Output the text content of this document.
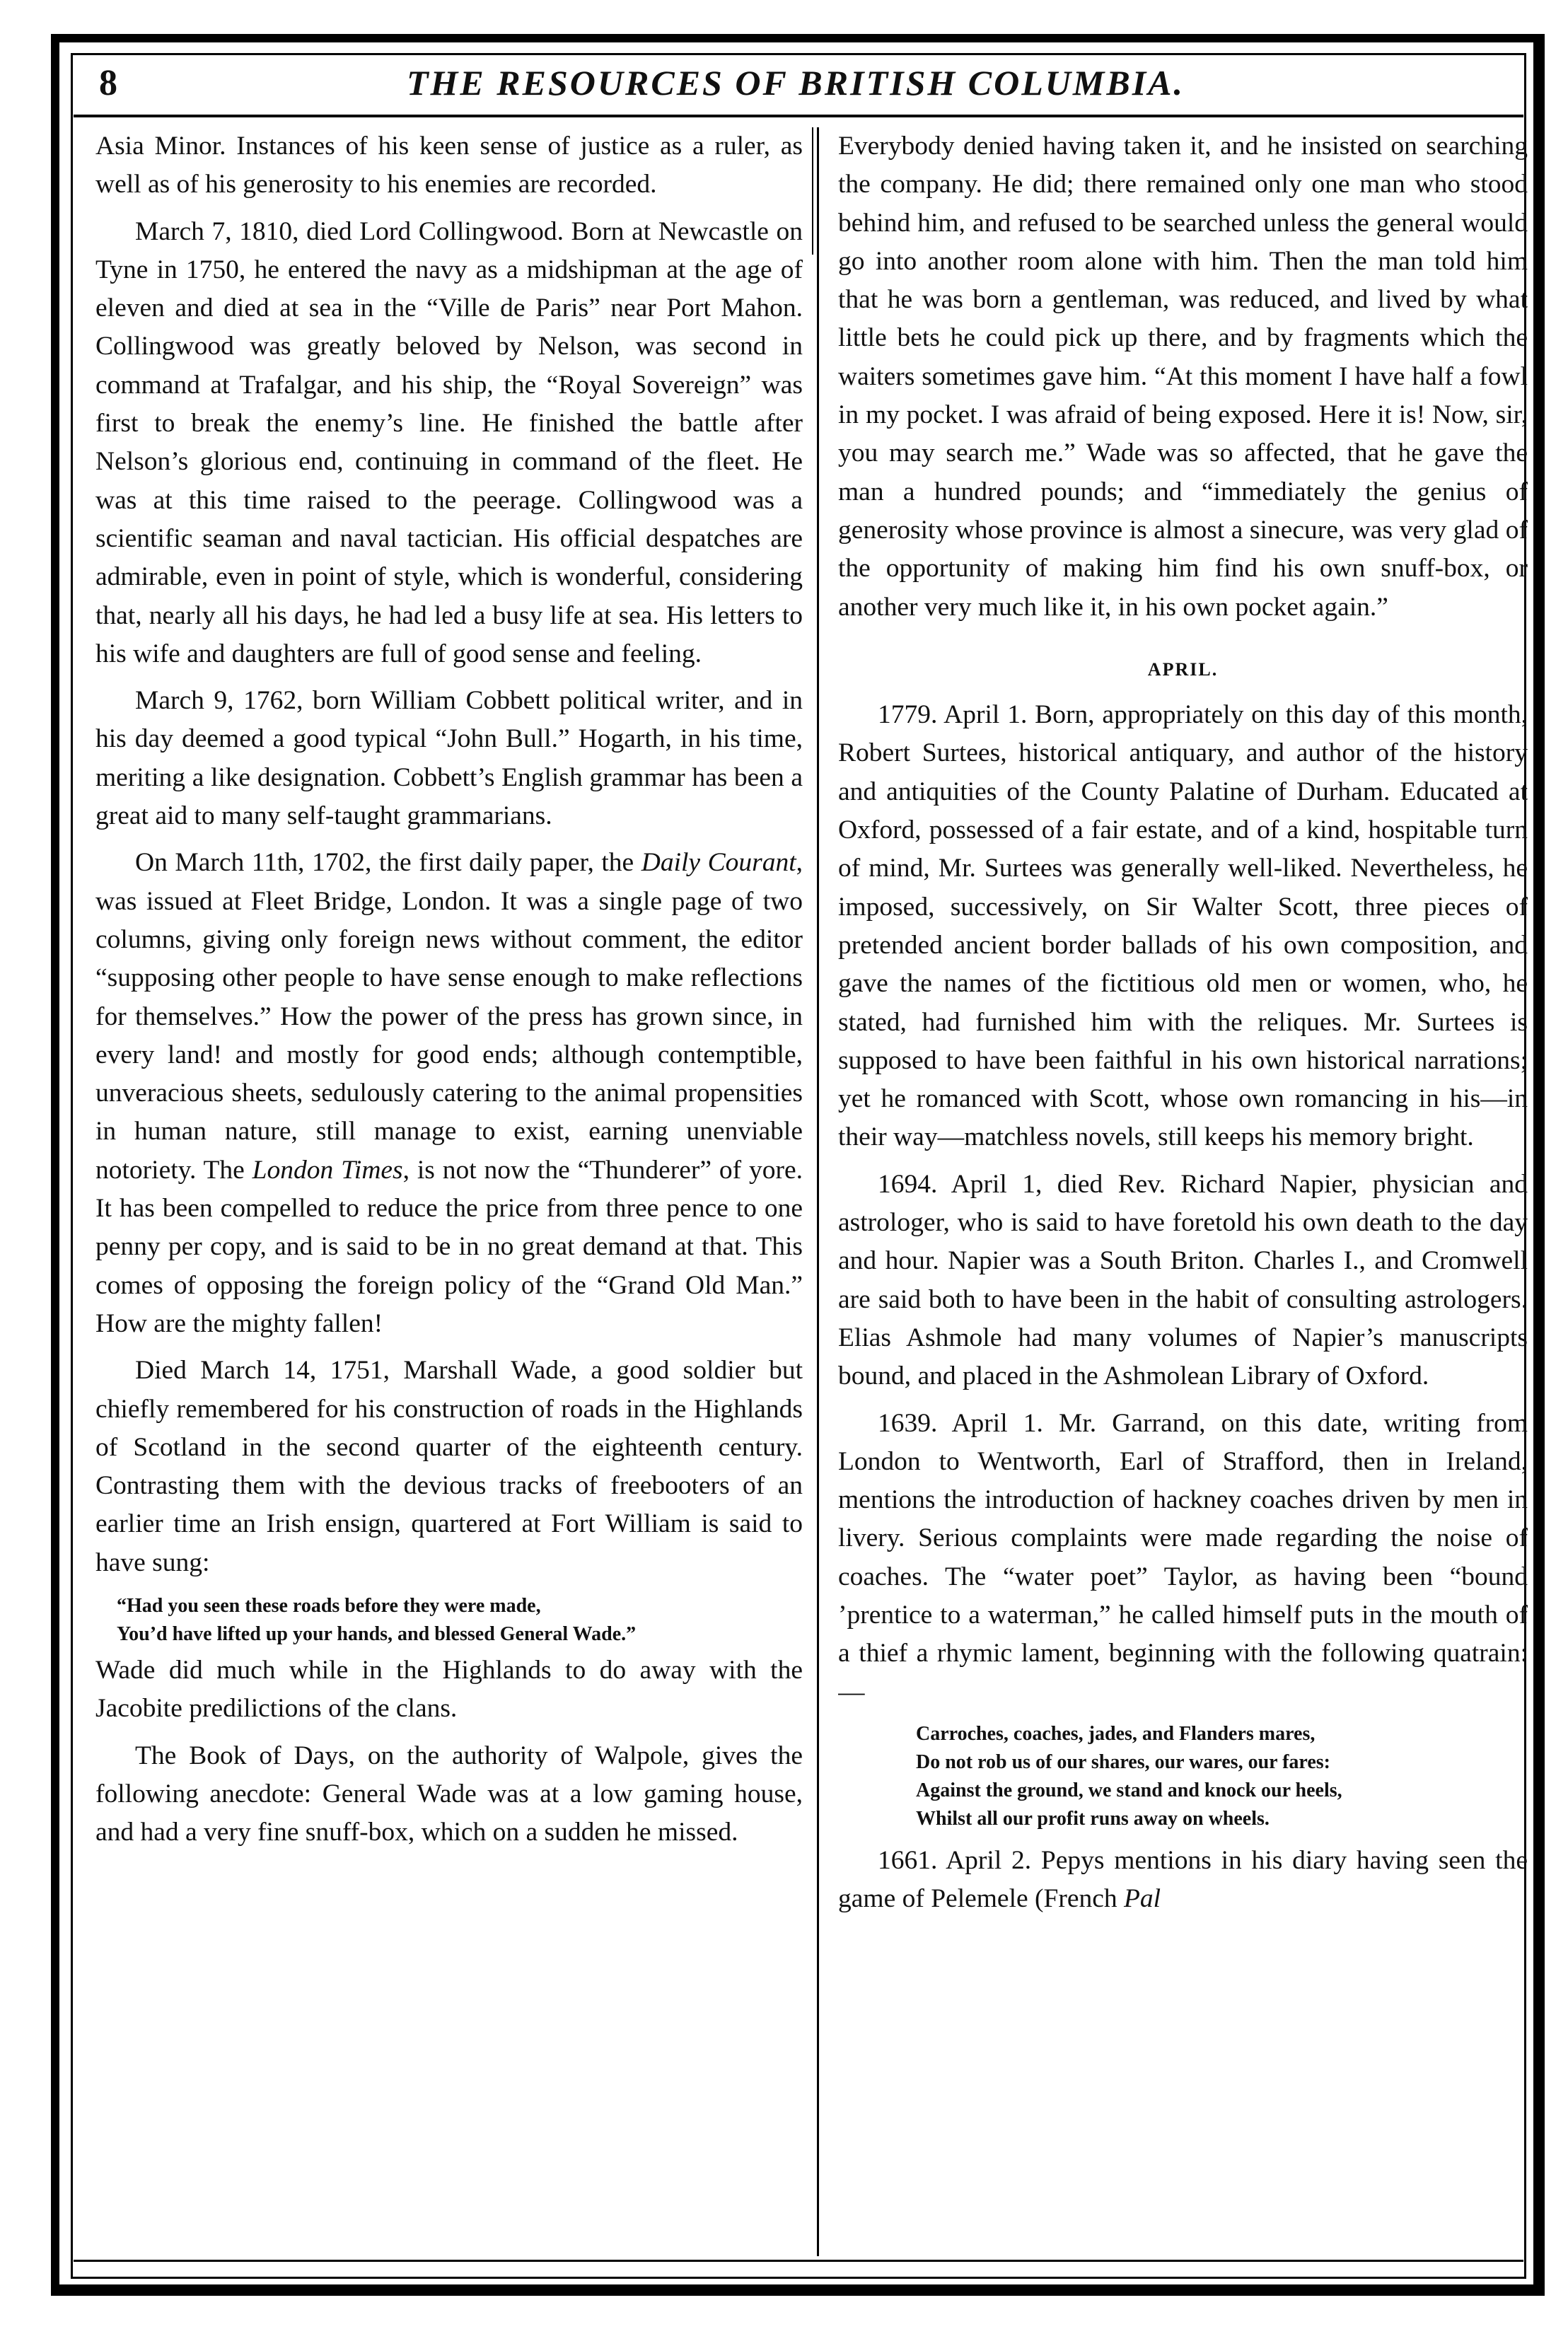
8	THE RESOURCES OF BRITISH COLUMBIA.

Asia Minor. Instances of his keen sense of justice as a ruler, as well as of his generosity to his enemies are recorded.

March 7, 1810, died Lord Collingwood. Born at Newcastle on Tyne in 1750, he entered the navy as a midshipman at the age of eleven and died at sea in the “Ville de Paris” near Port Mahon. Collingwood was greatly beloved by Nelson, was second in command at Trafalgar, and his ship, the “Royal Sovereign” was first to break the enemy’s line. He finished the battle after Nelson’s glorious end, continuing in command of the fleet. He was at this time raised to the peerage. Collingwood was a scientific seaman and naval tactician. His official despatches are admirable, even in point of style, which is wonderful, considering that, nearly all his days, he had led a busy life at sea. His letters to his wife and daughters are full of good sense and feeling.

March 9, 1762, born William Cobbett political writer, and in his day deemed a good typical “John Bull.” Hogarth, in his time, meriting a like designation. Cobbett’s English grammar has been a great aid to many self-taught grammarians.

On March 11th, 1702, the first daily paper, the Daily Courant, was issued at Fleet Bridge, London. It was a single page of two columns, giving only foreign news without comment, the editor “supposing other people to have sense enough to make reflections for themselves.” How the power of the press has grown since, in every land! and mostly for good ends; although contemptible, unveracious sheets, sedulously catering to the animal propensities in human nature, still manage to exist, earning unenviable notoriety. The London Times, is not now the “Thunderer” of yore. It has been compelled to reduce the price from three pence to one penny per copy, and is said to be in no great demand at that. This comes of opposing the foreign policy of the “Grand Old Man.” How are the mighty fallen!

Died March 14, 1751, Marshall Wade, a good soldier but chiefly remembered for his construction of roads in the Highlands of Scotland in the second quarter of the eighteenth century. Contrasting them with the devious tracks of freebooters of an earlier time an Irish ensign, quartered at Fort William is said to have sung:

“Had you seen these roads before they were made,
You’d have lifted up your hands, and blessed General Wade.”

Wade did much while in the Highlands to do away with the Jacobite predilictions of the clans.

The Book of Days, on the authority of Walpole, gives the following anecdote: General Wade was at a low gaming house, and had a very fine snuff-box, which on a sudden he missed.

Everybody denied having taken it, and he insisted on searching the company. He did; there remained only one man who stood behind him, and refused to be searched unless the general would go into another room alone with him. Then the man told him that he was born a gentleman, was reduced, and lived by what little bets he could pick up there, and by fragments which the waiters sometimes gave him. “At this moment I have half a fowl in my pocket. I was afraid of being exposed. Here it is! Now, sir, you may search me.” Wade was so affected, that he gave the man a hundred pounds; and “immediately the genius of generosity whose province is almost a sinecure, was very glad of the opportunity of making him find his own snuff-box, or another very much like it, in his own pocket again.”

APRIL.

1779. April 1. Born, appropriately on this day of this month, Robert Surtees, historical antiquary, and author of the history and antiquities of the County Palatine of Durham. Educated at Oxford, possessed of a fair estate, and of a kind, hospitable turn of mind, Mr. Surtees was generally well-liked. Nevertheless, he imposed, successively, on Sir Walter Scott, three pieces of pretended ancient border ballads of his own composition, and gave the names of the fictitious old men or women, who, he stated, had furnished him with the reliques. Mr. Surtees is supposed to have been faithful in his own historical narrations; yet he romanced with Scott, whose own romancing in his—in their way—matchless novels, still keeps his memory bright.

1694. April 1, died Rev. Richard Napier, physician and astrologer, who is said to have foretold his own death to the day and hour. Napier was a South Briton. Charles I., and Cromwell are said both to have been in the habit of consulting astrologers. Elias Ashmole had many volumes of Napier’s manuscripts bound, and placed in the Ashmolean Library of Oxford.

1639. April 1. Mr. Garrand, on this date, writing from London to Wentworth, Earl of Strafford, then in Ireland, mentions the introduction of hackney coaches driven by men in livery. Serious complaints were made regarding the noise of coaches. The “water poet” Taylor, as having been “bound ’prentice to a waterman,” he called himself puts in the mouth of a thief a rhymic lament, beginning with the following quatrain:—

Carroches, coaches, jades, and Flanders mares,
Do not rob us of our shares, our wares, our fares:
Against the ground, we stand and knock our heels,
Whilst all our profit runs away on wheels.

1661. April 2. Pepys mentions in his diary having seen the game of Pelemele (French Pal
